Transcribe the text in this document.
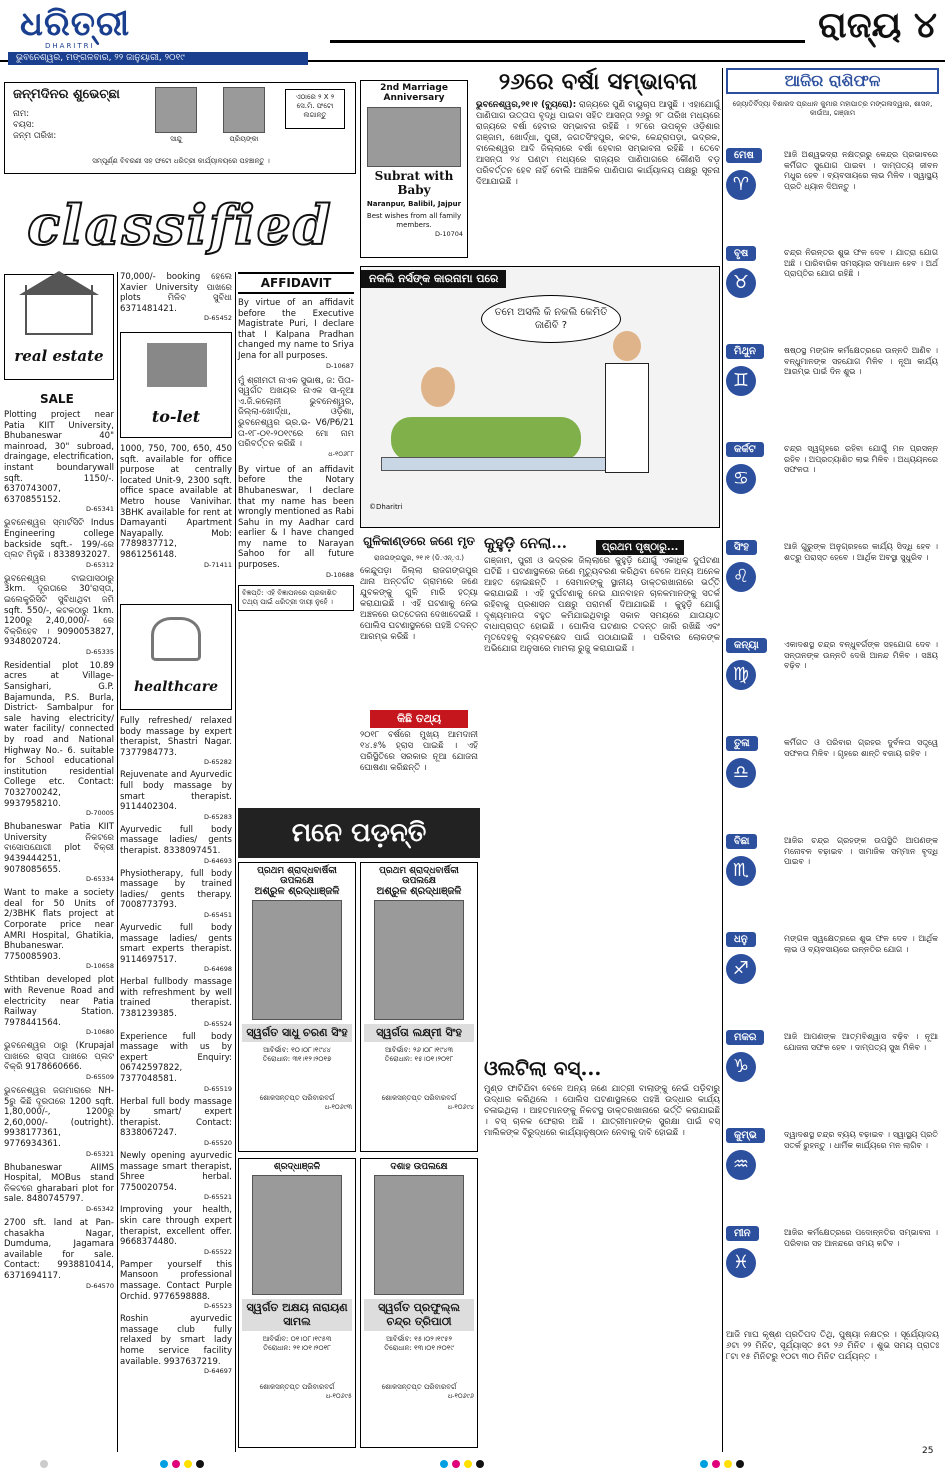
ଧରିତ୍ରୀ
DHARITRI	ରାଜ୍ୟ ୪
ଭୁବନେଶ୍ୱର, ମଙ୍ଗଳବାର, ୨୨ ଜାନୁୟାରୀ, ୨୦୧୯
ଜନ୍ମଦିନର ଶୁଭେଚ୍ଛା
ନାମ:
ବୟସ:
ଜନ୍ମ ତାରିଖ:	ସାନ୍ଦୁ	ପ୍ରିୟଙ୍କା
ଏଠାରେ ୨ X ୨ ସେ.ମି. ଫଟୋ ଲଗାନ୍ତୁ
ସମ୍ପୂର୍ଣ୍ଣ ବିବରଣୀ ସହ ଫଟୋ ଧରିତ୍ରୀ କାର୍ଯ୍ୟାଳୟରେ ପହଞ୍ଚାନ୍ତୁ ।
2nd Marriage Anniversary
Subrat with Baby
Naranpur, Balibil, Jajpur
Best wishes from all family members.
D-10704
classified
real estate
SALE
Plotting project near Patia KIIT University, Bhubaneswar 40" mainroad, 30" subroad, draingage, electrification, instant boundarywall sqft. 1150/-. 6370743007, 6370855152.
D-65341
ଭୁବନେଶ୍ୱର ସ୍ମାର୍ଟସିଟି Indus Engineering college backside sqft.- 199/-ରେ ପ୍ଲଟ ମିଳୁଛି । 8338932027.
D-65312
ଭୁବନେଶ୍ୱର ବାଇପାସଠାରୁ 3km. ଦୂରତାରେ 30'ରାସ୍ତା, ଇଲେକ୍ଟ୍ରିସିଟି ସୁବିଧାଥିବା ଜମି sqft. 550/-, କଟକଠାରୁ 1km. 1200ରୁ 2,40,000/- ରେ ବିକ୍ରିହେବ । 9090053827, 9348020724.
D-65335
Residential plot 10.89 acres at Village-Sansighari, G.P. Bajamunda, P.S. Burla, District- Sambalpur for sale having electricity/ water facility/ connected by road and National Highway No.- 6. suitable for School educational institution residential College etc. Contact: 7032700242, 9937958210.
D-70005
Bhubaneswar Patia KIIT University ନିକଟରେ ବାସୋପଯୋଗୀ plot ବିକ୍ରୀ 9439444251, 9078085655.
D-65334
Want to make a society deal for 50 Units of 2/3BHK flats project at Corporate price near AMRI Hospital, Ghatikia, Bhubaneswar. 7750085903.
D-10658
Sthtiban developed plot with Revenue Road and electricity near Patia Railway Station. 7978441564.
D-10680
ଭୁବନେଶ୍ୱର ଠାରୁ (Krupajal ପାଖରେ ରାସ୍ତା ପାଖରେ ପ୍ଲଟ ବିକ୍ରି 9178660666.
D-65509
ଭୁବନେଶ୍ୱର ଜଗମାରାରେ NH-5ରୁ କିଛି ଦୂରତାରେ 1200 sqft. 1,80,000/-, 1200ରୁ 2,60,000/- (outright). 9938177361, 9776934361.
D-65321
Bhubaneswar AIIMS Hospital, MOBus stand ନିକଟରେ gharabari plot for sale. 8480745797.
D-65342
2700 sft. land at Pan-chasakha Nagar, Dumduma, Jagamara available for sale. Contact: 9938810414, 6371694117.
D-64570
70,000/- booking ହେଲେ Xavier University ପାଖରେ plots ମିଳିବ ସୁବିଧା 6371481421.
D-65452
to-let
1000, 750, 700, 650, 450 sqft. available for office purpose at centrally located Unit-9, 2300 sqft. office space available at Metro house Vanivihar. 3BHK available for rent at Damayanti Apartment Nayapally. Mob: 7789837712, 9861256148.
D-71411
healthcare
Fully refreshed/ relaxed body massage by expert therapist, Shastri Nagar. 7377984773.
D-65282
Rejuvenate and Ayurvedic full body massage by smart therapist. 9114402304.
D-65283
Ayurvedic full body massage ladies/ gents therapist. 8338097451.
D-64693
Physiotherapy, full body massage by trained ladies/ gents therapy. 7008773793.
D-65451
Ayurvedic full body massage ladies/ gents smart experts therapist. 9114697517.
D-64698
Herbal fullbody massage with refreshment by well trained therapist. 7381239385.
D-65524
Experience full body massage with us by expert Enquiry: 06742597822, 7377048581.
D-65519
Herbal full body massage by smart/ expert therapist. Contact: 8338067247.
D-65520
Newly opening ayurvedic massage smart therapist, Shree herbal. 7750020754.
D-65521
Improving your health, skin care through expert therapist, excellent offer. 9668374480.
D-65522
Pamper yourself this Mansoon professional massage. Contact Purple Orchid. 9776598888.
D-65523
Roshin ayurvedic massage club fully relaxed by smart lady home service facility available. 9937637219.
D-64697
AFFIDAVIT
By virtue of an affidavit before the Executive Magistrate Puri, I declare that I Kalpana Pradhan changed my name to Sriya Jena for all purposes.
D-10687
ମୁଁ ଶ୍ରୀମତୀ ନାଏକ ସୁଭାଷ, ଜ: ପିତା-ସ୍ୱର୍ଗତ ଅଖୟର ନାଏକ ସା-ନୂଆ ଏ.ଜି.କଲୋନୀ ଭୁବନେଶ୍ୱର, ଜିଲ୍ଲା-ଖୋର୍ଦ୍ଧା, ଓଡ଼ିଶା, ଭୁବନେଶ୍ୱର ଭ୍ର.ଭ- V6/P6/21 ତା-୧୮-୦୧-୨୦୧୯ରେ ମୋ ନାମ ପରିବର୍ତ୍ତନ କରିଛି ।
ଧ-୧୦୬୮୮
By virtue of an affidavit before the Notary Bhubaneswar, I declare that my name has been wrongly mentioned as Rabi Sahu in my Aadhar card earlier & I have changed my name to Narayan Sahoo for all future purposes.
D-10688
ବିଜ୍ଞପ୍ତି: ଏହି ବିଜ୍ଞାପନରେ ପ୍ରକାଶିତ ତଥ୍ୟ ପାଇଁ ଧରିତ୍ରୀ ଦାୟୀ ନୁହେଁ ।
୨୬ରେ ବର୍ଷା ସମ୍ଭାବନା
ଭୁବନେଶ୍ୱର,୨୧।୧ (ବ୍ୟୁରୋ): ରାଜ୍ୟରେ ପୁଣି ବାୟୁଚାପ ଆସୁଛି । ଏହାଯୋଗୁଁ ପାଣିପାଗ ଉତ୍ତାପ ବୃଦ୍ଧି ପାଇବା ସହିତ ଆସନ୍ତା ୨୬ରୁ ୨୮ ତାରିଖ ମଧ୍ୟରେ ରାଜ୍ୟରେ ବର୍ଷା ହେବାର ସମ୍ଭାବନା ରହିଛି । ୨୮ରେ ଉପକୂଳ ଓଡ଼ିଶାର ଗଞ୍ଜାମ, ଖୋର୍ଦ୍ଧା, ପୁରୀ, ଜଗତସିଂହପୁର, କଟକ, କେନ୍ଦ୍ରାପଡ଼ା, ଭଦ୍ରକ, ବାଲେଶ୍ୱର ଆଦି ଜିଲ୍ଲାରେ ବର୍ଷା ହେବାର ସମ୍ଭାବନା ରହିଛି । ତେବେ ଆସନ୍ତା ୨୪ ଘଣ୍ଟା ମଧ୍ୟରେ ରାଜ୍ୟର ପାଣିପାଗରେ କୌଣସି ବଡ଼ ପରିବର୍ତ୍ତନ ହେବ ନାହିଁ ବୋଲି ଆଞ୍ଚଳିକ ପାଣିପାଗ କାର୍ଯ୍ୟାଳୟ ପକ୍ଷରୁ ସୂଚନା ଦିଆଯାଇଛି ।
ନକଲି ନର୍ସଙ୍କ କାରନାମା ପରେ
ତମେ ଅସଲି କି ନକଲି କେମିତି ଜାଣିବି ?
©Dharitri
ଗୁଳିକାଣ୍ଡରେ ଜଣେ ମୃତ
ରାଜଗଙ୍ଗପୁର, ୨୧।୧ (ଡି.ଏନ୍.ଏ.)
କେନ୍ଦୁପଡ଼ା ଜିଲ୍ଲା ରାଜଗଙ୍ଗପୁର ଥାନା ଅନ୍ତର୍ଗତ ଗ୍ରାମରେ ଜଣେ ଯୁବକଙ୍କୁ ଗୁଳି ମାରି ହତ୍ୟା କରାଯାଇଛି । ଏହି ଘଟଣାକୁ ନେଇ ଅଞ୍ଚଳରେ ଉତ୍ତେଜନା ଦେଖାଦେଇଛି । ପୋଲିସ ଘଟଣାସ୍ଥଳରେ ପହଞ୍ଚି ତଦନ୍ତ ଆରମ୍ଭ କରିଛି ।
କିଛି ତଥ୍ୟ
୨୦୧୮ ବର୍ଷରେ ମୁଖ୍ୟ ଆମଦାନୀ ୧୪.୫% ହ୍ରାସ ପାଇଛି । ଏହି ପରିସ୍ଥିତିରେ ସରକାର ନୂଆ ଯୋଜନା ଘୋଷଣା କରିଛନ୍ତି ।
କୁହୁଡ଼ି ନେଲା...	ପ୍ରଥମ ପୃଷ୍ଠାରୁ...
ଗଞ୍ଜାମ, ପୁରୀ ଓ ଭଦ୍ରକ ଜିଲ୍ଲାରେ କୁହୁଡ଼ି ଯୋଗୁଁ ଏକାଧିକ ଦୁର୍ଘଟଣା ଘଟିଛି । ଘଟଣାସ୍ଥଳରେ ଜଣେ ମୃତ୍ୟୁବରଣ କରିଥିବା ବେଳେ ଅନ୍ୟ ଅନେକ ଆହତ ହୋଇଛନ୍ତି । ସେମାନଙ୍କୁ ସ୍ଥାନୀୟ ଡାକ୍ତରଖାନାରେ ଭର୍ତ୍ତି କରାଯାଇଛି । ଏହି ଦୁର୍ଘଟଣାକୁ ନେଇ ଯାନବାହନ ଚାଳକମାନଙ୍କୁ ସତର୍କ ରହିବାକୁ ପ୍ରଶାସନ ପକ୍ଷରୁ ପରାମର୍ଶ ଦିଆଯାଇଛି । କୁହୁଡ଼ି ଯୋଗୁଁ ଦୃଶ୍ୟମାନତା ବହୁତ କମିଯାଇଥିବାରୁ ସକାଳ ସମୟରେ ଯାତାୟାତ ବାଧାପ୍ରାପ୍ତ ହୋଇଛି । ପୋଲିସ ଘଟଣାର ତଦନ୍ତ ଜାରି ରଖିଛି ଏବଂ ମୃତଦେହକୁ ବ୍ୟବଚ୍ଛେଦ ପାଇଁ ପଠାଯାଇଛି । ପରିବାର ଲୋକଙ୍କ ଅଭିଯୋଗ ଅନୁସାରେ ମାମଲା ରୁଜୁ କରାଯାଇଛି ।
ମନେ ପଡ଼ନ୍ତି
ପ୍ରଥମ ଶ୍ରାଦ୍ଧବାର୍ଷିକୀ ଉପଲକ୍ଷେ
ଅଶ୍ରୁଳ ଶ୍ରଦ୍ଧାଞ୍ଜଳି
ସ୍ୱର୍ଗତ ସାଧୁ ଚରଣ ସିଂହ
ଆବିର୍ଭାବ: ୧୦।୦୮।୧୯୪୪
ତିରୋଧାନ: ୩୧।୧୨।୨୦୧୭
ଶୋକସନ୍ତପ୍ତ ପରିବାରବର୍ଗ
ଧ-୧୦୬୯୩
ପ୍ରଥମ ଶ୍ରାଦ୍ଧବାର୍ଷିକୀ ଉପଲକ୍ଷେ
ଅଶ୍ରୁଳ ଶ୍ରଦ୍ଧାଞ୍ଜଳି
ସ୍ୱର୍ଗତା ଲକ୍ଷ୍ମୀ ସିଂହ
ଆବିର୍ଭାବ: ୨୬।୦୮।୧୯୪୩
ତିରୋଧାନ: ୧୫।୦୧।୨୦୧୮
ଶୋକସନ୍ତପ୍ତ ପରିବାରବର୍ଗ
ଧ-୧୦୬୯୪
ଶ୍ରଦ୍ଧାଞ୍ଜଳି
ସ୍ୱର୍ଗତ ଅକ୍ଷୟ ନାରାୟଣ ସାମଲ
ଆବିର୍ଭାବ: ୦୧।୦୮।୧୯୫୩
ତିରୋଧାନ: ୨୧।୦୧।୨୦୧୮
ଶୋକସନ୍ତପ୍ତ ପରିବାରବର୍ଗ
ଧ-୧୦୬୯୫
ଦଶାହ ଉପଲକ୍ଷେ
ସ୍ୱର୍ଗତ ପ୍ରଫୁଲ୍ଲ ଚନ୍ଦ୍ର ତ୍ରିପାଠୀ
ଆବିର୍ଭାବ: ୧୫।୦୨।୧୯୫୨
ତିରୋଧାନ: ୧୩।୦୧।୨୦୧୯
ଶୋକସନ୍ତପ୍ତ ପରିବାରବର୍ଗ
ଧ-୧୦୬୯୬
ଓଲଟିଲା ବସ୍...
ମୁଣ୍ଡ ଫାଟିଯିବା ବେଳେ ଅନ୍ୟ ଜଣେ ଯାତ୍ରୀ ବାଲାଙ୍କୁ ନେଇଁ ପଡ଼ିବାରୁ ଉଦ୍ଧାର କରିଥିଲେ । ପୋଲିସ ଘଟଣାସ୍ଥଳରେ ପହଞ୍ଚି ଉଦ୍ଧାର କାର୍ଯ୍ୟ ଚଳାଇଥିଲା । ଆହତମାନଙ୍କୁ ନିକଟସ୍ଥ ଡାକ୍ତରଖାନାରେ ଭର୍ତ୍ତି କରାଯାଇଛି । ବସ୍ ଚାଳକ ଫେରାର ଅଛି । ଯାତ୍ରୀମାନଙ୍କ ସୁରକ୍ଷା ପାଇଁ ବସ୍ ମାଲିକଙ୍କ ବିରୁଦ୍ଧରେ କାର୍ଯ୍ୟାନୁଷ୍ଠାନ ନେବାକୁ ଦାବି ହୋଇଛି ।
ଆଜିର ରାଶିଫଳ
ଜ୍ୟୋତିର୍ବିଦ୍ୟା ବିଶାରଦ ପ୍ରଧାନ କୁମାର ମହାପାତ୍ର ମଙ୍ଗଳାଦ୍ୱାର, ଶାସନ, କାଉଁଆ, ଗଞ୍ଜାମ
ମେଷ
♈
ଆଜି ଅଶ୍ୱଭଦ୍ରା ନକ୍ଷତ୍ରରୁ କେନ୍ଦ୍ର ପ୍ରଭାବରେ କର୍ମିଗତ ସୁଯୋଗ ପାଇବା । ଦାମ୍ପତ୍ୟ ଜୀବନ ମଧୁର ହେବ । ବ୍ୟବସାୟରେ ଲାଭ ମିଳିବ । ସ୍ୱାସ୍ଥ୍ୟ ପ୍ରତି ଧ୍ୟାନ ଦିଅନ୍ତୁ ।
ବୃଷ
♉
ଚନ୍ଦ୍ର ନିରନ୍ତର ଶୁଭ ଫଳ ଦେବ । ଯାତ୍ରା ଯୋଗ ଅଛି । ପାରିବାରିକ ସମସ୍ୟାର ସମାଧାନ ହେବ । ଅର୍ଥ ପ୍ରାପ୍ତିର ଯୋଗ ରହିଛି ।
ମିଥୁନ
♊
ଷଷ୍ଠସ୍ଥ ମଙ୍ଗଳ କର୍ମକ୍ଷେତ୍ରରେ ଉନ୍ନତି ଆଣିବ । ବନ୍ଧୁମାନଙ୍କ ସହଯୋଗ ମିଳିବ । ନୂଆ କାର୍ଯ୍ୟ ଆରମ୍ଭ ପାଇଁ ଦିନ ଶୁଭ ।
କର୍କଟ
♋
ଚନ୍ଦ୍ର ସ୍ୱଗୃହରେ ରହିବା ଯୋଗୁଁ ମନ ପ୍ରସନ୍ନ ରହିବ । ଅପ୍ରତ୍ୟାଶିତ ଲାଭ ମିଳିବ । ଅଧ୍ୟୟନରେ ସଫଳତା ।
ସିଂହ
♌
ଆଜି ଗୁରୁଙ୍କ ଅନୁଗ୍ରହରେ କାର୍ଯ୍ୟ ସିଦ୍ଧି ହେବ । ଶତ୍ରୁ ପରାସ୍ତ ହେବେ । ଆର୍ଥିକ ଅବସ୍ଥା ସୁଧୁରିବ ।
କନ୍ୟା
♍
ଏକାଦଶସ୍ଥ ଚନ୍ଦ୍ର ବନ୍ଧୁବର୍ଗଙ୍କ ସହଯୋଗ ଦେବ । ସନ୍ତାନଙ୍କ ଉନ୍ନତି ଦେଖି ଆନନ୍ଦ ମିଳିବ । ସଞ୍ଚୟ ବଢ଼ିବ ।
ତୁଳା
♎
କର୍ମିଗତ ଓ ପରିବାର ଗ୍ରହର ଦୁର୍ବଳତା ସତ୍ତ୍ୱେ ସଫଳତା ମିଳିବ । ଗୃହରେ ଶାନ୍ତି ବଜାୟ ରହିବ ।
ବିଛା
♏
ଆଜିର ଚନ୍ଦ୍ର ଗ୍ରହଙ୍କ ଉପସ୍ଥିତି ଆପଣଙ୍କ ମନୋବଳ ବଢ଼ାଇବ । ସାମାଜିକ ସମ୍ମାନ ବୃଦ୍ଧି ପାଇବ ।
ଧନୁ
♐
ମଙ୍ଗଳ ସ୍ୱକ୍ଷେତ୍ରରେ ଶୁଭ ଫଳ ଦେବ । ଆର୍ଥିକ ଲାଭ ଓ ବ୍ୟବସାୟରେ ଉନ୍ନତିର ଯୋଗ ।
ମକର
♑
ଆଜି ଆପଣଙ୍କ ଆତ୍ମବିଶ୍ୱାସ ବଢ଼ିବ । ନୂଆ ଯୋଜନା ସଫଳ ହେବ । ଦାମ୍ପତ୍ୟ ସୁଖ ମିଳିବ ।
କୁମ୍ଭ
♒
ଦ୍ୱାଦଶସ୍ଥ ଚନ୍ଦ୍ର ବ୍ୟୟ ବଢ଼ାଇବ । ସ୍ୱାସ୍ଥ୍ୟ ପ୍ରତି ସତର୍କ ରୁହନ୍ତୁ । ଧାର୍ମିକ କାର୍ଯ୍ୟରେ ମନ ଲାଗିବ ।
ମୀନ
♓
ଆଜିର କର୍ମକ୍ଷେତ୍ରରେ ପଦୋନ୍ନତିର ସମ୍ଭାବନା । ପରିବାର ସହ ଆନନ୍ଦରେ ସମୟ କଟିବ ।
ଆଜି ମାଘ କୃଷ୍ଣ ପ୍ରତିପଦ ତିଥି, ପୁଷ୍ୟା ନକ୍ଷତ୍ର । ସୂର୍ଯ୍ୟୋଦୟ ୬ଟା ୨୨ ମିନିଟ, ସୂର୍ଯ୍ୟାସ୍ତ ୫ଟା ୨୬ ମିନିଟ । ଶୁଭ ସମୟ ପ୍ରାତଃ ୮ଟା ୧୫ ମିନିଟରୁ ୧୦ଟା ୩୦ ମିନିଟ ପର୍ଯ୍ୟନ୍ତ ।
25
